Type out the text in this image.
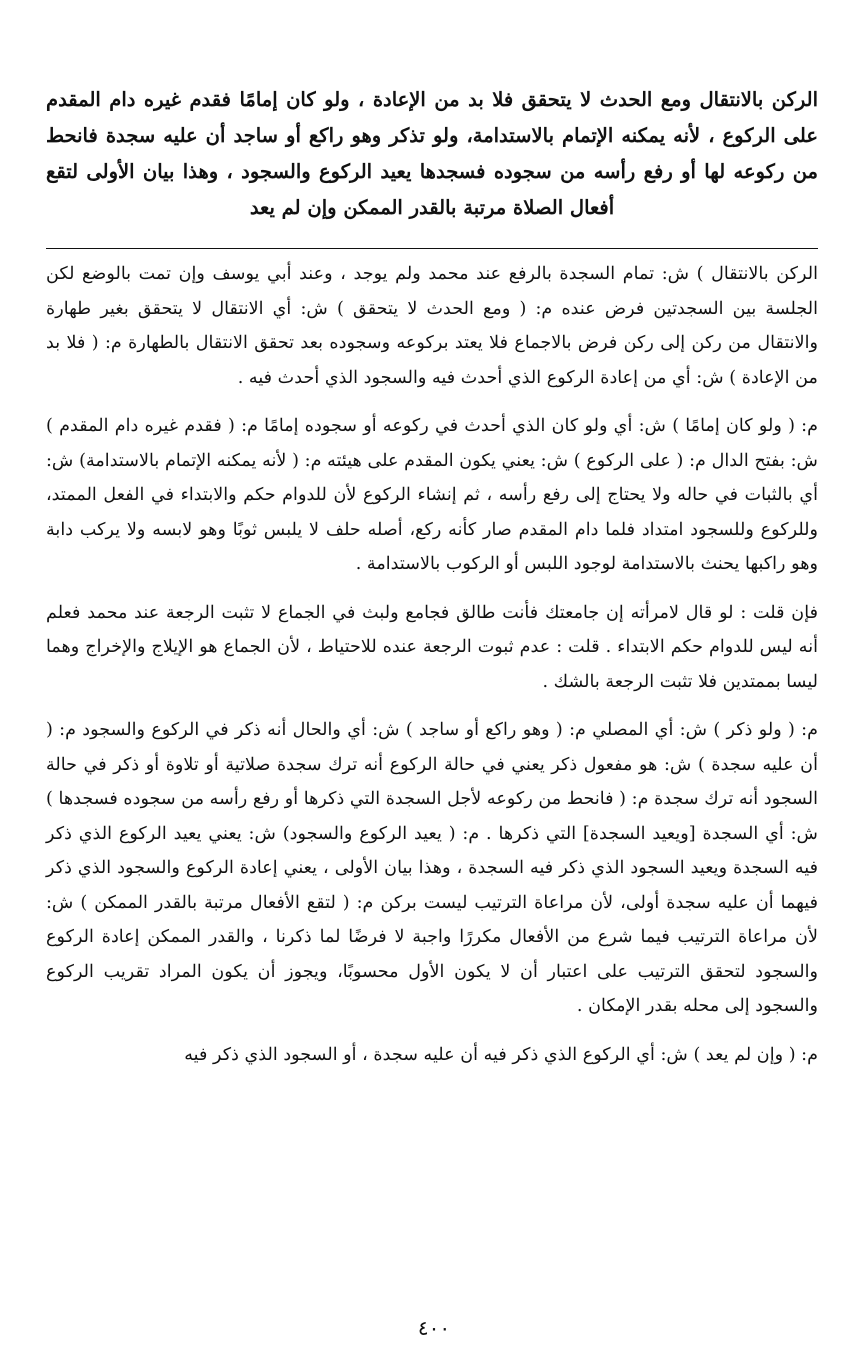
الركن بالانتقال ومع الحدث لا يتحقق فلا بد من الإعادة ، ولو كان إمامًا فقدم غيره دام المقدم على الركوع ، لأنه يمكنه الإتمام بالاستدامة، ولو تذكر وهو راكع أو ساجد أن عليه سجدة فانحط من ركوعه لها أو رفع رأسه من سجوده فسجدها يعيد الركوع والسجود ، وهذا بيان الأولى لتقع أفعال الصلاة مرتبة بالقدر الممكن وإن لم يعد

الركن بالانتقال ) ش: تمام السجدة بالرفع عند محمد ولم يوجد ، وعند أبي يوسف وإن تمت بالوضع لكن الجلسة بين السجدتين فرض عنده م: ( ومع الحدث لا يتحقق ) ش: أي الانتقال لا يتحقق بغير طهارة والانتقال من ركن إلى ركن فرض بالاجماع فلا يعتد بركوعه وسجوده بعد تحقق الانتقال بالطهارة م: ( فلا بد من الإعادة ) ش: أي من إعادة الركوع الذي أحدث فيه والسجود الذي أحدث فيه .

م: ( ولو كان إمامًا ) ش: أي ولو كان الذي أحدث في ركوعه أو سجوده إمامًا م: ( فقدم غيره دام المقدم ) ش: بفتح الدال م: ( على الركوع ) ش: يعني يكون المقدم على هيئته م: ( لأنه يمكنه الإتمام بالاستدامة) ش: أي بالثبات في حاله ولا يحتاج إلى رفع رأسه ، ثم إنشاء الركوع لأن للدوام حكم والابتداء في الفعل الممتد، وللركوع وللسجود امتداد فلما دام المقدم صار كأنه ركع، أصله حلف لا يلبس ثوبًا وهو لابسه ولا يركب دابة وهو راكبها يحنث بالاستدامة لوجود اللبس أو الركوب بالاستدامة .

فإن قلت : لو قال لامرأته إن جامعتك فأنت طالق فجامع ولبث في الجماع لا تثبت الرجعة عند محمد فعلم أنه ليس للدوام حكم الابتداء . قلت : عدم ثبوت الرجعة عنده للاحتياط ، لأن الجماع هو الإيلاج والإخراج وهما ليسا بممتدين فلا تثبت الرجعة بالشك .

م: ( ولو ذكر ) ش: أي المصلي م: ( وهو راكع أو ساجد ) ش: أي والحال أنه ذكر في الركوع والسجود م: ( أن عليه سجدة ) ش: هو مفعول ذكر يعني في حالة الركوع أنه ترك سجدة صلاتية أو تلاوة أو ذكر في حالة السجود أنه ترك سجدة م: ( فانحط من ركوعه لأجل السجدة التي ذكرها أو رفع رأسه من سجوده فسجدها ) ش: أي السجدة [ويعيد السجدة] التي ذكرها . م: ( يعيد الركوع والسجود) ش: يعني يعيد الركوع الذي ذكر فيه السجدة ويعيد السجود الذي ذكر فيه السجدة ، وهذا بيان الأولى ، يعني إعادة الركوع والسجود الذي ذكر فيهما أن عليه سجدة أولى، لأن مراعاة الترتيب ليست بركن م: ( لتقع الأفعال مرتبة بالقدر الممكن ) ش: لأن مراعاة الترتيب فيما شرع من الأفعال مكررًا واجبة لا فرضًا لما ذكرنا ، والقدر الممكن إعادة الركوع والسجود لتحقق الترتيب على اعتبار أن لا يكون الأول محسوبًا، ويجوز أن يكون المراد تقريب الركوع والسجود إلى محله بقدر الإمكان .

م: ( وإن لم يعد ) ش: أي الركوع الذي ذكر فيه أن عليه سجدة ، أو السجود الذي ذكر فيه

٤٠٠
